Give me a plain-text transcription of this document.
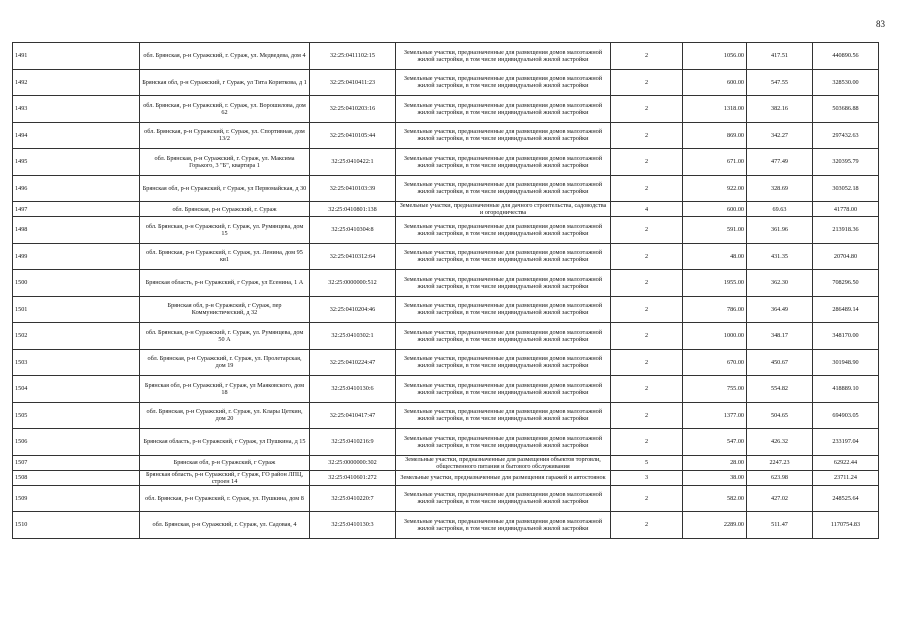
83
1491	обл. Брянская, р-н Суражский, г. Сураж, ул. Медведева, дом 4	32:25:0411102:15	Земельные участки, предназначенные для размещения домов малоэтажной жилой застройки, в том числе индивидуальной жилой застройки	2	1056.00	417.51	440890.56
1492	Брянская обл, р-н Суражский, г Сураж, ул Тита Кориткова, д 1	32:25:0410411:23	Земельные участки, предназначенные для размещения домов малоэтажной жилой застройки, в том числе индивидуальной жилой застройки	2	600.00	547.55	328530.00
1493	обл. Брянская, р-н Суражский, г. Сураж, ул. Ворошилова, дом 62	32:25:0410203:16	Земельные участки, предназначенные для размещения домов малоэтажной жилой застройки, в том числе индивидуальной жилой застройки	2	1318.00	382.16	503686.88
1494	обл. Брянская, р-н Суражский, г. Сураж, ул. Спортивная, дом 13/2	32:25:0410105:44	Земельные участки, предназначенные для размещения домов малоэтажной жилой застройки, в том числе индивидуальной жилой застройки	2	869.00	342.27	297432.63
1495	обл. Брянская, р-н Суражский, г. Сураж, ул. Максима Горького, 3 "Б", квартира 1	32:25:0410422:1	Земельные участки, предназначенные для размещения домов малоэтажной жилой застройки, в том числе индивидуальной жилой застройки	2	671.00	477.49	320395.79
1496	Брянская обл, р-н Суражский, г Сураж, ул Первомайская, д 30	32:25:0410103:39	Земельные участки, предназначенные для размещения домов малоэтажной жилой застройки, в том числе индивидуальной жилой застройки	2	922.00	328.69	303052.18
1497	обл. Брянская, р-н Суражский, г. Сураж	32:25:0410801:138	Земельные участки, предназначенные для дачного строительства, садоводства и огородничества	4	600.00	69.63	41778.00
1498	обл. Брянская, р-н Суражский, г. Сураж, ул. Румянцева, дом 15	32:25:0410304:8	Земельные участки, предназначенные для размещения домов малоэтажной жилой застройки, в том числе индивидуальной жилой застройки	2	591.00	361.96	213918.36
1499	обл. Брянская, р-н Суражский, г. Сураж, ул. Ленина, дом 95 кв1	32:25:0410312:64	Земельные участки, предназначенные для размещения домов малоэтажной жилой застройки, в том числе индивидуальной жилой застройки	2	48.00	431.35	20704.80
1500	Брянская область, р-н Суражский, г Сураж, ул Есенина, 1 А	32:25:0000000:512	Земельные участки, предназначенные для размещения домов малоэтажной жилой застройки, в том числе индивидуальной жилой застройки	2	1955.00	362.30	708296.50
1501	Брянская обл, р-н Суражский, г Сураж, пер Коммунистический, д 32	32:25:0410204:46	Земельные участки, предназначенные для размещения домов малоэтажной жилой застройки, в том числе индивидуальной жилой застройки	2	786.00	364.49	286489.14
1502	обл. Брянская, р-н Суражский, г. Сураж, ул. Румянцева, дом 50 А	32:25:0410302:1	Земельные участки, предназначенные для размещения домов малоэтажной жилой застройки, в том числе индивидуальной жилой застройки	2	1000.00	348.17	348170.00
1503	обл. Брянская, р-н Суражский, г. Сураж, ул. Пролетарская, дом 19	32:25:0410224:47	Земельные участки, предназначенные для размещения домов малоэтажной жилой застройки, в том числе индивидуальной жилой застройки	2	670.00	450.67	301948.90
1504	Брянская обл, р-н Суражский, г Сураж, ул Маяковского, дом 18	32:25:0410130:6	Земельные участки, предназначенные для размещения домов малоэтажной жилой застройки, в том числе индивидуальной жилой застройки	2	755.00	554.82	418889.10
1505	обл. Брянская, р-н Суражский, г. Сураж, ул. Клары Цеткин, дом 20	32:25:0410417:47	Земельные участки, предназначенные для размещения домов малоэтажной жилой застройки, в том числе индивидуальной жилой застройки	2	1377.00	504.65	694903.05
1506	Брянская область, р-н Суражский, г Сураж, ул Пушкина, д 15	32:25:0410216:9	Земельные участки, предназначенные для размещения домов малоэтажной жилой застройки, в том числе индивидуальной жилой застройки	2	547.00	426.32	233197.04
1507	Брянская обл, р-н Суражский, г Сураж	32:25:0000000:302	Земельные участки, предназначенные для размещения объектов торговли, общественного питания и бытового обслуживания	5	28.00	2247.23	62922.44
1508	Брянская область, р-н Суражский, г Сураж, ГО район ЛПЦ, строен 14	32:25:0410601:272	Земельные участки, предназначенные для размещения гаражей и автостоянок	3	38.00	623.98	23711.24
1509	обл. Брянская, р-н Суражский, г. Сураж, ул. Пушкина, дом 8	32:25:0410220:7	Земельные участки, предназначенные для размещения домов малоэтажной жилой застройки, в том числе индивидуальной жилой застройки	2	582.00	427.02	248525.64
1510	обл. Брянская, р-н Суражский, г. Сураж, ул. Садовая, 4	32:25:0410130:3	Земельные участки, предназначенные для размещения домов малоэтажной жилой застройки, в том числе индивидуальной жилой застройки	2	2289.00	511.47	1170754.83
